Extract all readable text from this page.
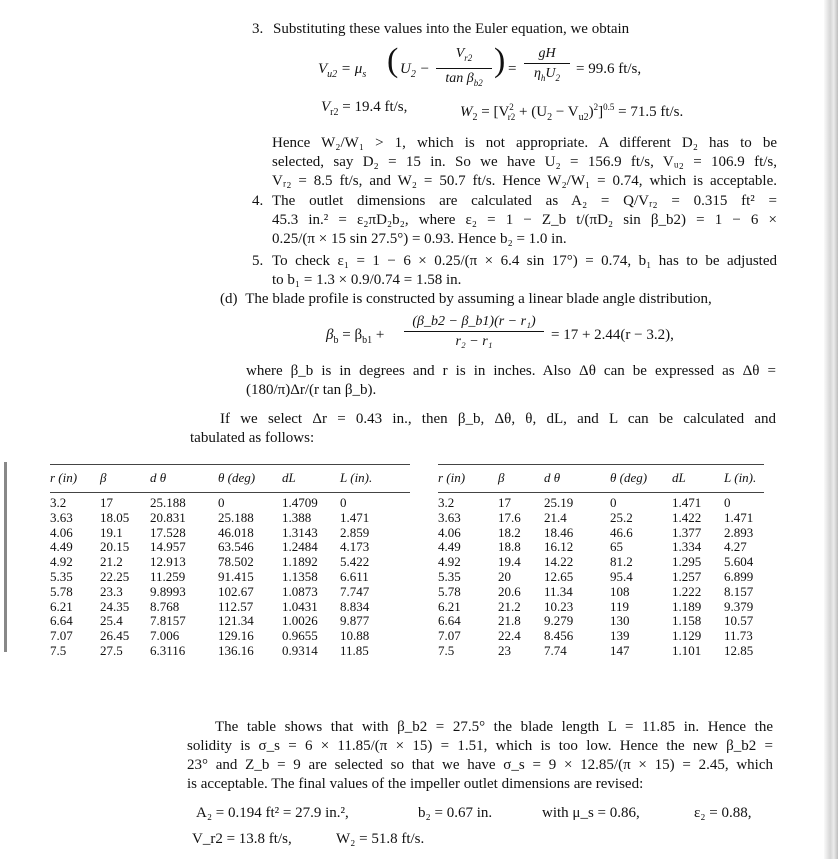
3. Substituting these values into the Euler equation, we obtain
$V_{u2} = \mu_s$ ( $U_2 - \frac{V_{r2}}{\tan \beta_{b2}}$ ) =
gH
$\eta_hU_2$
= 99.6 ft/s,
$V_{r2} = 19.4$ ft/s,	$W_2 = [V^2_{r2} + (U_2 - V_{u2})^2]^{0.5} = 71.5$ ft/s.
Hence W₂/W₁ > 1, which is not appropriate. A different D₂ has to be
selected, say D₂ = 15 in. So we have U₂ = 156.9 ft/s, Vᵤ₂ = 106.9 ft/s,
Vᵣ₂ = 8.5 ft/s, and W₂ = 50.7 ft/s. Hence W₂/W₁ = 0.74, which is acceptable.
4. The outlet dimensions are calculated as A₂ = Q/Vᵣ₂ = 0.315 ft² =
45.3 in.² = ε₂πD₂b₂, where ε₂ = 1 − Z_b t/(πD₂ sin β_b2) = 1 − 6 ×
0.25/(π × 15 sin 27.5°) = 0.93. Hence b₂ = 1.0 in.
5. To check ε₁ = 1 − 6 × 0.25/(π × 6.4 sin 17°) = 0.74, b₁ has to be adjusted
to b₁ = 1.3 × 0.9/0.74 = 1.58 in.
(d) The blade profile is constructed by assuming a linear blade angle distribution,
$\beta_b = \beta_{b1} + \frac{\text{(β\_b2 − β\_b1)(r − r₁)}}{\text{r₂ − r₁}} = 17 + 2.44(r - 3.2)$,
where β_b is in degrees and r is in inches. Also Δθ can be expressed as Δθ =
(180/π)Δr/(r tan β_b).
If we select Δr = 0.43 in., then β_b, Δθ, θ, dL, and L can be calculated and
tabulated as follows:
r (in)	β	d θ	θ (deg)	dL	L (in).
3.2	17	25.188	0	1.4709	0
3.63	18.05	20.831	25.188	1.388	1.471
4.06	19.1	17.528	46.018	1.3143	2.859
4.49	20.15	14.957	63.546	1.2484	4.173
4.92	21.2	12.913	78.502	1.1892	5.422
5.35	22.25	11.259	91.415	1.1358	6.611
5.78	23.3	9.8993	102.67	1.0873	7.747
6.21	24.35	8.768	112.57	1.0431	8.834
6.64	25.4	7.8157	121.34	1.0026	9.877
7.07	26.45	7.006	129.16	0.9655	10.88
7.5	27.5	6.3116	136.16	0.9314	11.85
r (in)	β	d θ	θ (deg)	dL	L (in).
3.2	17	25.19	0	1.471	0
3.63	17.6	21.4	25.2	1.422	1.471
4.06	18.2	18.46	46.6	1.377	2.893
4.49	18.8	16.12	65	1.334	4.27
4.92	19.4	14.22	81.2	1.295	5.604
5.35	20	12.65	95.4	1.257	6.899
5.78	20.6	11.34	108	1.222	8.157
6.21	21.2	10.23	119	1.189	9.379
6.64	21.8	9.279	130	1.158	10.57
7.07	22.4	8.456	139	1.129	11.73
7.5	23	7.74	147	1.101	12.85
The table shows that with β_b2 = 27.5° the blade length L = 11.85 in. Hence the
solidity is σ_s = 6 × 11.85/(π × 15) = 1.51, which is too low. Hence the new β_b2 =
23° and Z_b = 9 are selected so that we have σ_s = 9 × 12.85/(π × 15) = 2.45, which
is acceptable. The final values of the impeller outlet dimensions are revised:
A₂ = 0.194 ft² = 27.9 in.²,	b₂ = 0.67 in.	with μ_s = 0.86,	ε₂ = 0.88,
V_r2 = 13.8 ft/s,	W₂ = 51.8 ft/s.
